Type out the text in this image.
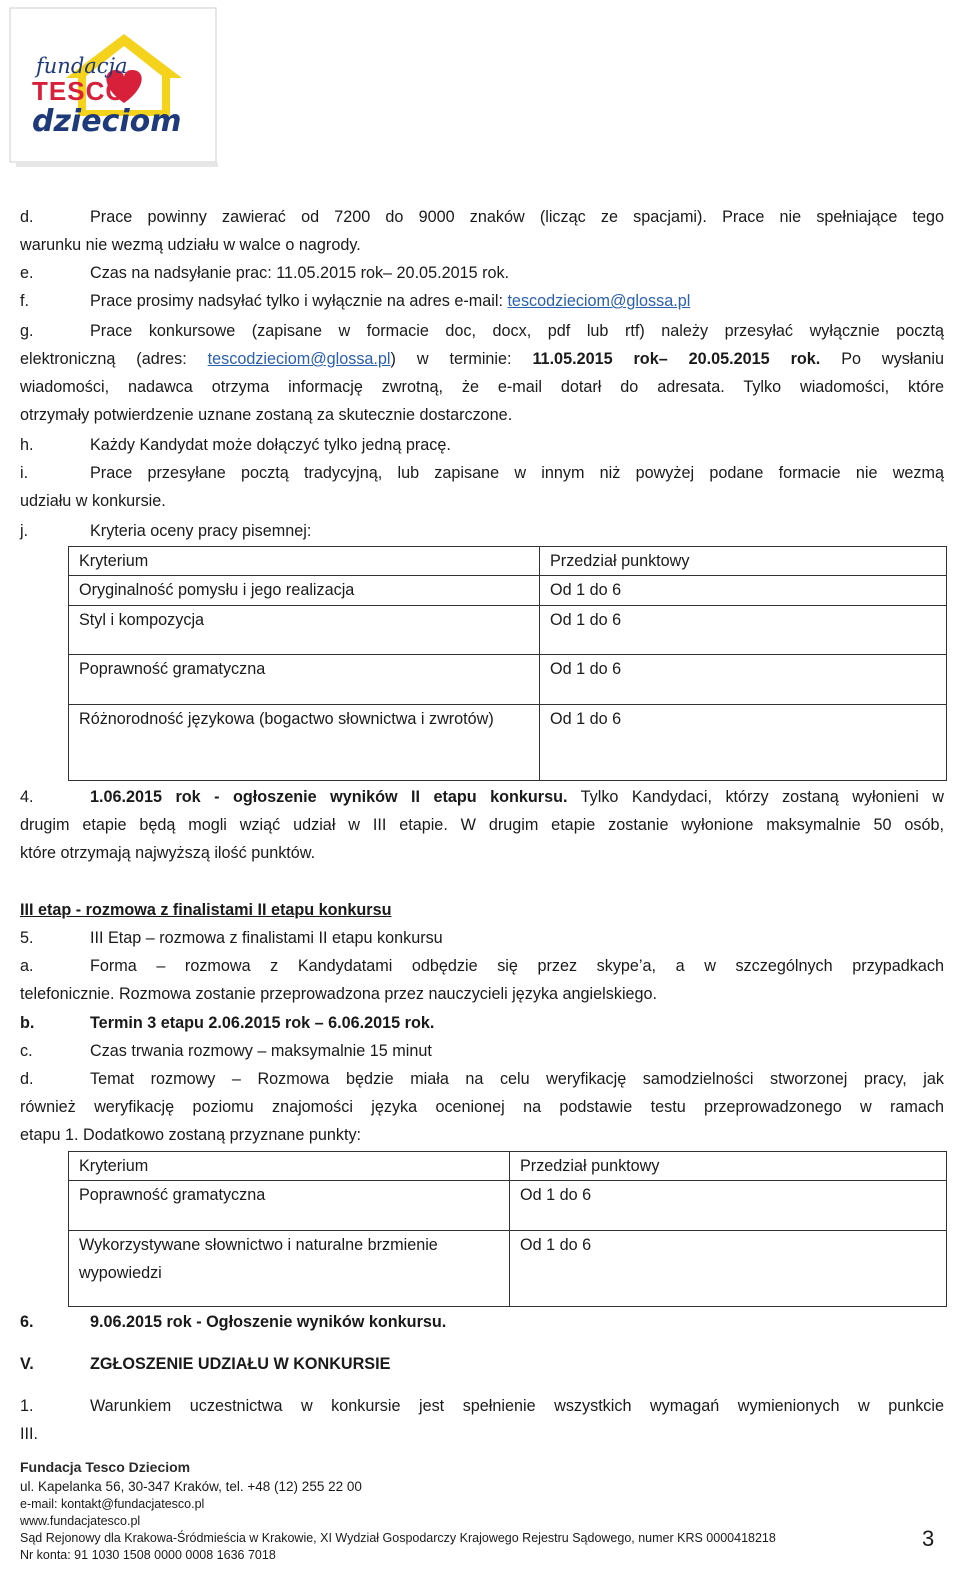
fundacja
TESCO
dzieciom
d.	Prace powinny zawierać od 7200 do 9000 znaków (licząc ze spacjami). Prace nie spełniające tego
warunku nie wezmą udziału w walce o nagrody.
e.	Czas na nadsyłanie prac: 11.05.2015 rok– 20.05.2015 rok.
f.	Prace prosimy nadsyłać tylko i wyłącznie na adres e-mail: tescodzieciom@glossa.pl
g.	Prace konkursowe (zapisane w formacie doc, docx, pdf lub rtf) należy przesyłać wyłącznie pocztą
elektroniczną (adres: tescodzieciom@glossa.pl) w terminie: 11.05.2015 rok– 20.05.2015 rok. Po wysłaniu
wiadomości, nadawca otrzyma informację zwrotną, że e-mail dotarł do adresata. Tylko wiadomości, które
otrzymały potwierdzenie uznane zostaną za skutecznie dostarczone.
h.	Każdy Kandydat może dołączyć tylko jedną pracę.
i.	Prace przesyłane pocztą tradycyjną, lub zapisane w innym niż powyżej podane formacie nie wezmą
udziału w konkursie.
j.	Kryteria oceny pracy pisemnej:
Kryterium	Przedział punktowy
Oryginalność pomysłu i jego realizacja	Od 1 do 6
Styl i kompozycja	Od 1 do 6
Poprawność gramatyczna	Od 1 do 6
Różnorodność językowa (bogactwo słownictwa i zwrotów)	Od 1 do 6
4.	1.06.2015 rok - ogłoszenie wyników II etapu konkursu. Tylko Kandydaci, którzy zostaną wyłonieni w
drugim etapie będą mogli wziąć udział w III etapie. W drugim etapie zostanie wyłonione maksymalnie 50 osób,
które otrzymają najwyższą ilość punktów.
III etap - rozmowa z finalistami II etapu konkursu
5.	III Etap – rozmowa z finalistami II etapu konkursu
a.	Forma – rozmowa z Kandydatami odbędzie się przez skype’a, a w szczególnych przypadkach
telefonicznie. Rozmowa zostanie przeprowadzona przez nauczycieli języka angielskiego.
b.	Termin 3 etapu 2.06.2015 rok – 6.06.2015 rok.
c.	Czas trwania rozmowy – maksymalnie 15 minut
d.	Temat rozmowy – Rozmowa będzie miała na celu weryfikację samodzielności stworzonej pracy, jak
również weryfikację poziomu znajomości języka ocenionej na podstawie testu przeprowadzonego w ramach
etapu 1. Dodatkowo zostaną przyznane punkty:
Kryterium	Przedział punktowy
Poprawność gramatyczna	Od 1 do 6
Wykorzystywane słownictwo i naturalne brzmienie wypowiedzi	Od 1 do 6
6.	9.06.2015 rok - Ogłoszenie wyników konkursu.
V.	ZGŁOSZENIE UDZIAŁU W KONKURSIE
1.	Warunkiem uczestnictwa w konkursie jest spełnienie wszystkich wymagań wymienionych w punkcie
III.
Fundacja Tesco Dzieciom
ul. Kapelanka 56, 30-347 Kraków, tel. +48 (12) 255 22 00
e-mail: kontakt@fundacjatesco.pl
www.fundacjatesco.pl
Sąd Rejonowy dla Krakowa-Śródmieścia w Krakowie, XI Wydział Gospodarczy Krajowego Rejestru Sądowego, numer KRS 0000418218
Nr konta: 91 1030 1508 0000 0008 1636 7018
3
